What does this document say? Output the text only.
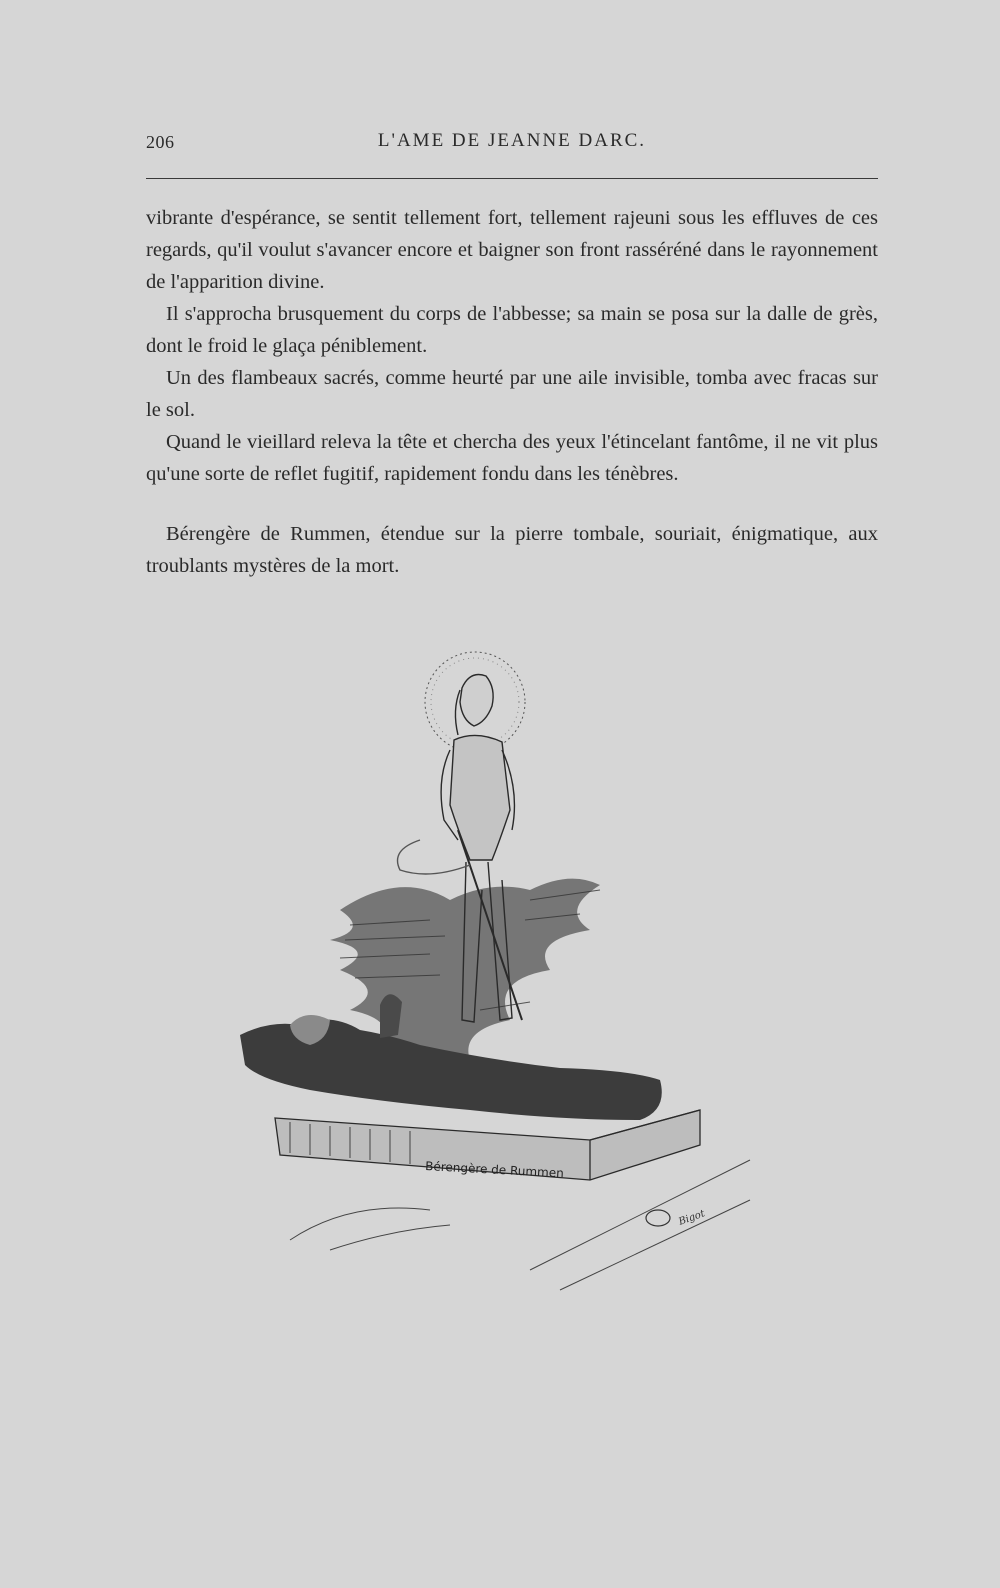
206	L'AME DE JEANNE DARC.

vibrante d'espérance, se sentit tellement fort, tellement rajeuni sous les effluves de ces regards, qu'il voulut s'avancer encore et baigner son front rasséréné dans le rayonnement de l'apparition divine.

Il s'approcha brusquement du corps de l'abbesse; sa main se posa sur la dalle de grès, dont le froid le glaça péniblement.

Un des flambeaux sacrés, comme heurté par une aile invisible, tomba avec fracas sur le sol.

Quand le vieillard releva la tête et chercha des yeux l'étincelant fantôme, il ne vit plus qu'une sorte de reflet fugitif, rapidement fondu dans les ténèbres.

Bérengère de Rummen, étendue sur la pierre tombale, souriait, énigmatique, aux troublants mystères de la mort.

Bérengère de Rummen
Bigot
